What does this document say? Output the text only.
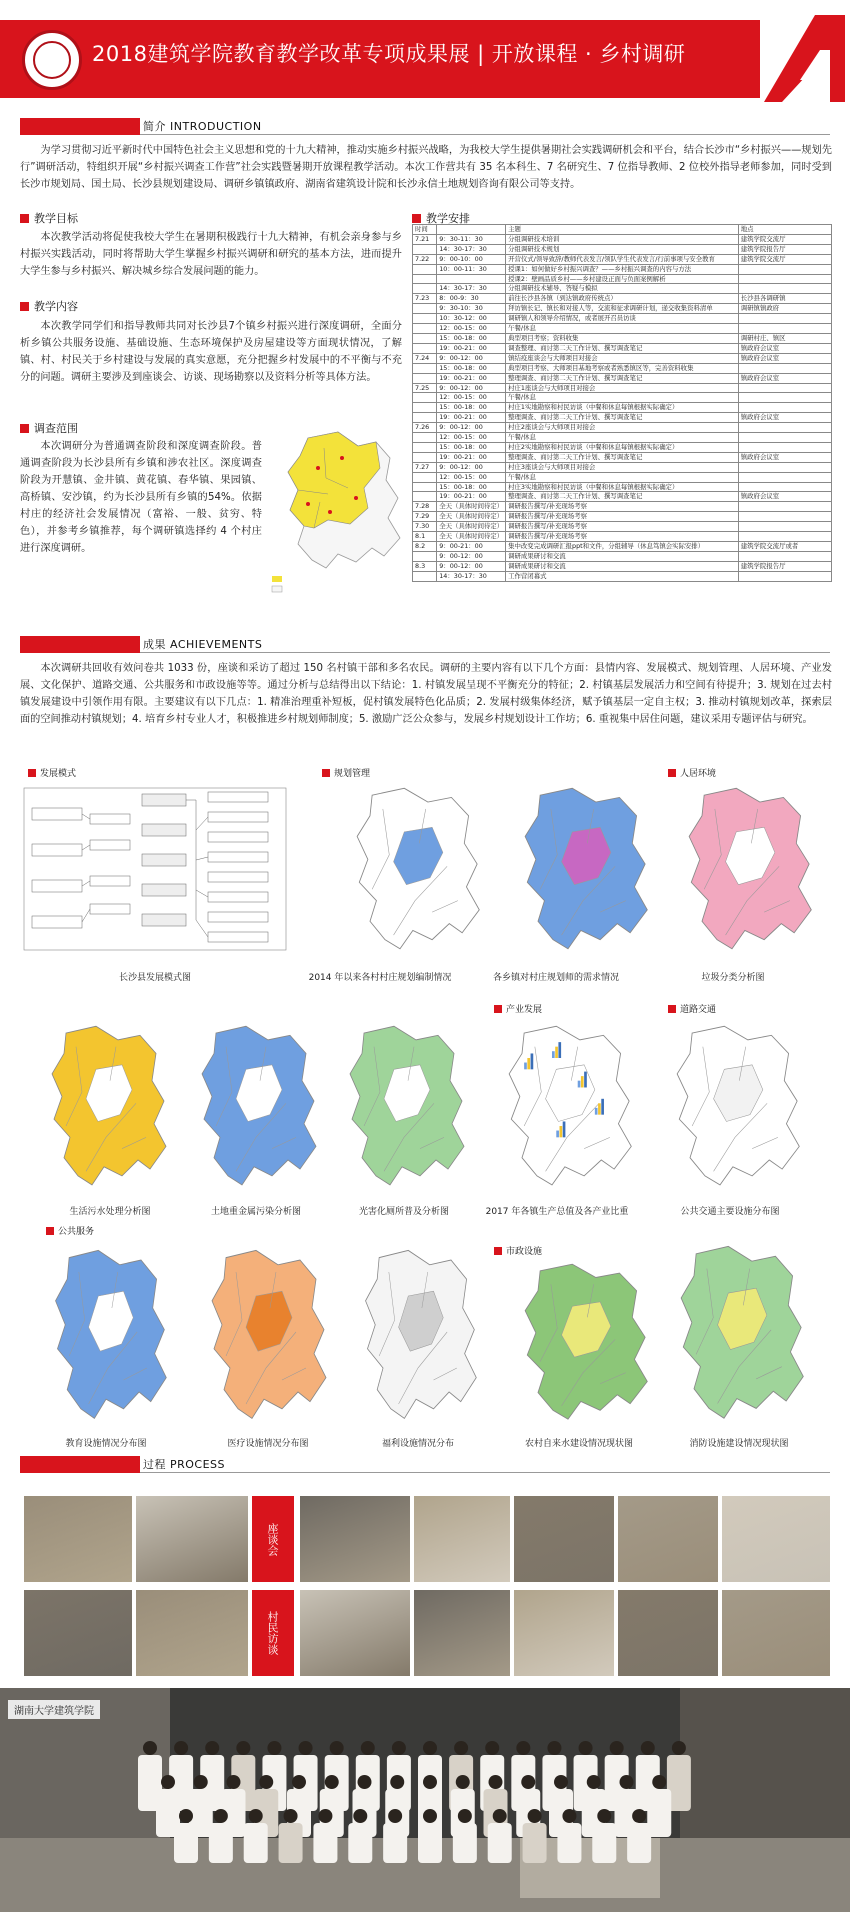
2018建筑学院教育教学改革专项成果展 | 开放课程 · 乡村调研
简介 INTRODUCTION
为学习贯彻习近平新时代中国特色社会主义思想和党的十九大精神，推动实施乡村振兴战略，为我校大学生提供暑期社会实践调研机会和平台，结合长沙市“乡村振兴——规划先行”调研活动，特组织开展“乡村振兴调查工作营”社会实践暨暑期开放课程教学活动。本次工作营共有 35 名本科生、7 名研究生、7 位指导教师、2 位校外指导老师参加，同时受到长沙市规划局、国土局、长沙县规划建设局、调研乡镇镇政府、湖南省建筑设计院和长沙永信土地规划咨询有限公司等支持。
教学目标
本次教学活动将促使我校大学生在暑期积极践行十九大精神，有机会亲身参与乡村振兴实践活动，同时将帮助大学生掌握乡村振兴调研和研究的基本方法，进而提升大学生参与乡村振兴、解决城乡综合发展问题的能力。
教学内容
本次教学同学们和指导教师共同对长沙县7个镇乡村振兴进行深度调研，全面分析乡镇公共服务设施、基础设施、生态环境保护及房屋建设等方面现状情况，了解镇、村、村民关于乡村建设与发展的真实意愿，充分把握乡村发展中的不平衡与不充分的问题。调研主要涉及到座谈会、访谈、现场勘察以及资料分析等具体方法。
调查范围
本次调研分为普通调查阶段和深度调查阶段。普通调查阶段为长沙县所有乡镇和涉农社区。深度调查阶段为开慧镇、金井镇、黄花镇、春华镇、果园镇、高桥镇、安沙镇，约为长沙县所有乡镇的54%。依据村庄的经济社会发展情况（富裕、一般、贫穷、特色），并参考乡镇推荐，每个调研镇选择约 4 个村庄进行深度调研。
教学安排
时间		主题	地点
7.21	9：30-11：30	分组调研技术培训	建筑学院交流厅
	14：30-17：30	分组调研技术规划	建筑学院报告厅
7.22	9：00-10：00	开营仪式/领导致辞/教师代表发言/领队学生代表发言/行前事项与安全教育	建筑学院交流厅
	10：00-11：30	授课1：如何做好乡村振兴调查？——乡村振兴调查的内容与方法	
		授课2：壁画品质乡村——乡村建设正面与负面案例解析	
	14：30-17：30	分组调研技术辅导、答疑与模拟	
7.23	8：00-9：30	前往长沙县各镇（到达镇政府传统点）	长沙县各调研镇
	9：30-10：30	拜访镇长记、镇长和对接人等，交流和征求调研计划，递交收集资料清单	调研镇镇政府
	10：30-12：00	调研镇人和领导介绍情况，或者展开召员访谈	
	12：00-15：00	午餐/休息	
	15：00-18：00	典型项目考察；资料收集	调研村庄、镇区
	19：00-21：00	调查整理、商讨第二天工作计划、撰写调查笔记	镇政府会议室
7.24	9：00-12：00	镇结疫座谈会与大师项目对接会	镇政府会议室
	15：00-18：00	典型项目考察、大师项目基地考察或者熟悉镇区等，完善资料收集	
	19：00-21：00	整理调查、商讨第二天工作计划、撰写调查笔记	镇政府会议室
7.25	9：00-12：00	村庄1座谈会与大师项目对接会	
	12：00-15：00	午餐/休息	
	15：00-18：00	村庄1实地勘察和村民访谈（中餐和休息每镇根据实际确定）	
	19：00-21：00	整理调查、商讨第二天工作计划、撰写调查笔记	镇政府会议室
7.26	9：00-12：00	村庄2座谈会与大师项目对接会	
	12：00-15：00	午餐/休息	
	15：00-18：00	村庄2实地勘察和村民访谈（中餐和休息每镇根据实际确定）	
	19：00-21：00	整理调查、商讨第二天工作计划、撰写调查笔记	镇政府会议室
7.27	9：00-12：00	村庄3座谈会与大师项目对接会	
	12：00-15：00	午餐/休息	
	15：00-18：00	村庄3实地勘察和村民访谈（中餐和休息每镇根据实际确定）	
	19：00-21：00	整理调查、商讨第二天工作计划、撰写调查笔记	镇政府会议室
7.28	全天（具体时间待定）	调研报告撰写/补充现场考察	
7.29	全天（具体时间待定）	调研报告撰写/补充现场考察	
7.30	全天（具体时间待定）	调研报告撰写/补充现场考察	
8.1	全天（具体时间待定）	调研报告撰写/补充现场考察	
8.2	9：00-21：00	集中改变完成调研汇报ppt和文件，分组辅导（休息笃镇会实际安排）	建筑学院交流厅或者
	9：00-12：00	调研成果研讨和交流	
8.3	9：00-12：00	调研成果研讨和交流	建筑学院报告厅
	14：30-17：30	工作营闭幕式	
成果 ACHIEVEMENTS
本次调研共回收有效问卷共 1033 份，座谈和采访了超过 150 名村镇干部和多名农民。调研的主要内容有以下几个方面：县情内容、发展模式、规划管理、人居环境、产业发展、文化保护、道路交通、公共服务和市政设施等等。通过分析与总结得出以下结论：1. 村镇发展呈现不平衡充分的特征；2. 村镇基层发展活力和空间有待提升；3. 规划在过去村镇发展建设中引领作用有限。主要建议有以下几点：1. 精准治理重补短板，促村镇发展特色化品质；2. 发展村级集体经济，赋予镇基层一定自主权；3. 推动村镇规划改革，探索层面的空间推动村镇规划；4. 培育乡村专业人才，积极推进乡村规划师制度；5. 激励广泛公众参与，发展乡村规划设计工作坊；6. 重视集中居住问题，建议采用专题评估与研究。
发展模式	规划管理	人居环境
产业发展	道路交通
公共服务
市政设施
长沙县发展模式图	2014 年以来各村村庄规划编制情况	各乡镇对村庄规划师的需求情况	垃圾分类分析图
生活污水处理分析图	土地重金属污染分析图	光害化厕所普及分析图	2017 年各镇生产总值及各产业比重	公共交通主要设施分布图
教育设施情况分布图	医疗设施情况分布图	福利设施情况分布	农村自来水建设情况现状图	消防设施建设情况现状图
过程 PROCESS
座谈会
村民访谈
湖南大学建筑学院
